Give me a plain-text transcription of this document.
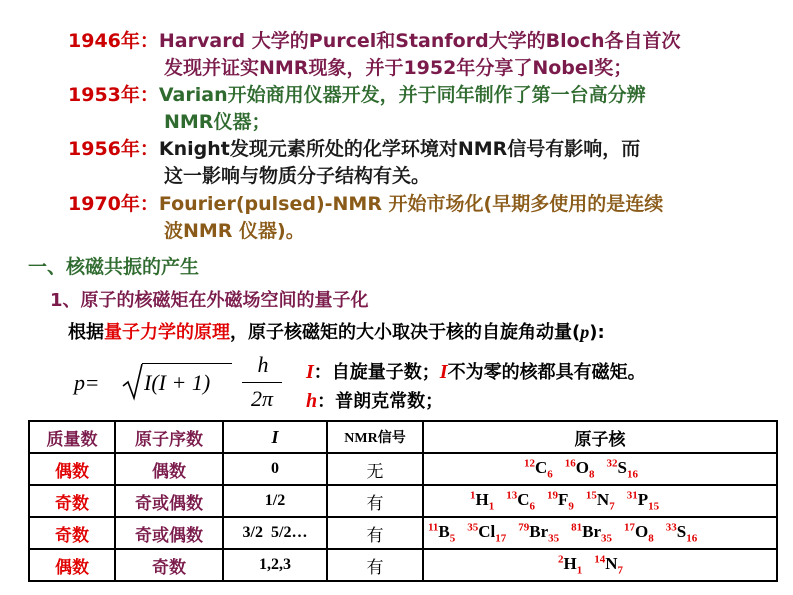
1946年：Harvard 大学的Purcel和Stanford大学的Bloch各自首次
发现并证实NMR现象，并于1952年分享了Nobel奖；
1953年：Varian开始商用仪器开发，并于同年制作了第一台高分辨
NMR仪器；
1956年：Knight发现元素所处的化学环境对NMR信号有影响，而
这一影响与物质分子结构有关。
1970年：Fourier(pulsed)-NMR 开始市场化(早期多使用的是连续
波NMR 仪器)。
一、核磁共振的产生
1、原子的核磁矩在外磁场空间的量子化
根据量子力学的原理，原子核磁矩的大小取决于核的自旋角动量(p):
p = I(I + 1)
h
2π
I：自旋量子数；I不为零的核都具有磁矩。
h：普朗克常数；
质量数	原子序数	I	NMR信号	原子核
偶数	偶数	0	无	$^{12}C_6^{16}O_8^{32}S_{16}$
奇数	奇或偶数	1/2	有	$^1H_1^{13}C_6^{19}F_9^{15}N_7^{31}P_{15}$
奇数	奇或偶数	3/2  5/2…	有	$^{11}B_5^{35}Cl_{17}^{79}Br_{35}^{81}Br_{35}^{17}O_8^{33}S_{16}$
偶数	奇数	1,2,3	有	$^2H_1^{14}N_7$
